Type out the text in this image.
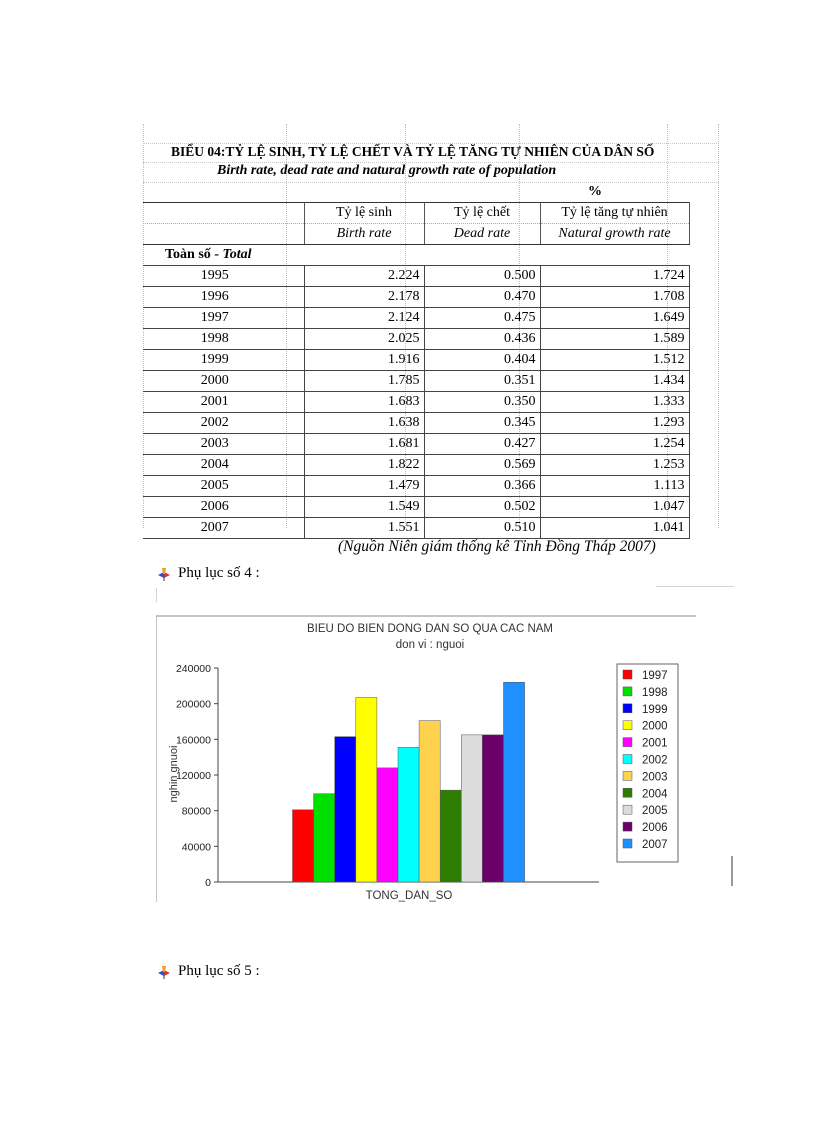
BIỂU 04:TỶ LỆ SINH, TỶ LỆ CHẾT VÀ TỶ LỆ TĂNG TỰ NHIÊN CỦA DÂN SỐ
Birth rate, dead rate and natural growth rate of population
%
	Tỷ lệ sinh	Tỷ lệ chết	Tỷ lệ tăng tự nhiên
	Birth rate	Dead rate	Natural growth rate
Toàn số - Total			
1995	2.224	0.500	1.724
1996	2.178	0.470	1.708
1997	2.124	0.475	1.649
1998	2.025	0.436	1.589
1999	1.916	0.404	1.512
2000	1.785	0.351	1.434
2001	1.683	0.350	1.333
2002	1.638	0.345	1.293
2003	1.681	0.427	1.254
2004	1.822	0.569	1.253
2005	1.479	0.366	1.113
2006	1.549	0.502	1.047
2007	1.551	0.510	1.041
(Nguồn Niên giám thống kê Tỉnh Đồng Tháp 2007)
Phụ lục số 4 :
BIEU DO BIEN DONG DAN SO QUA CAC NAM
don vi : nguoi
nghin gnuoi
TONG_DAN_SO
0
40000
80000
120000
160000
200000
240000
1997
1998
1999
2000
2001
2002
2003
2004
2005
2006
2007
Phụ lục số 5 :
